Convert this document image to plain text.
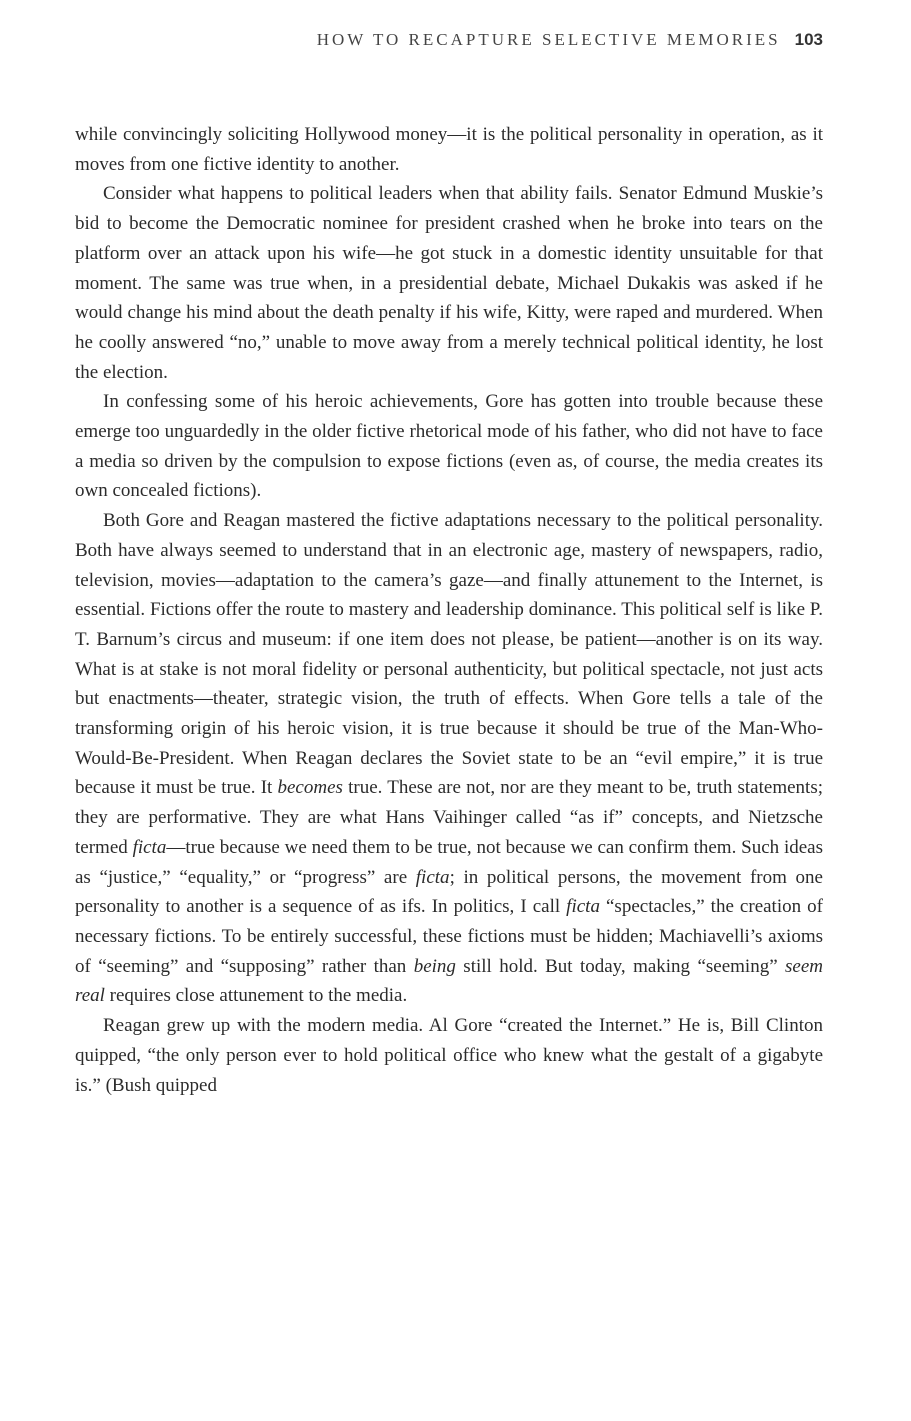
HOW TO RECAPTURE SELECTIVE MEMORIES 103

while convincingly soliciting Hollywood money—it is the political personality in operation, as it moves from one fictive identity to another.

Consider what happens to political leaders when that ability fails. Senator Edmund Muskie’s bid to become the Democratic nominee for president crashed when he broke into tears on the platform over an attack upon his wife—he got stuck in a domestic identity unsuitable for that moment. The same was true when, in a presidential debate, Michael Dukakis was asked if he would change his mind about the death penalty if his wife, Kitty, were raped and murdered. When he coolly answered “no,” unable to move away from a merely technical political identity, he lost the election.

In confessing some of his heroic achievements, Gore has gotten into trouble because these emerge too unguardedly in the older fictive rhetorical mode of his father, who did not have to face a media so driven by the compulsion to expose fictions (even as, of course, the media creates its own concealed fictions).

Both Gore and Reagan mastered the fictive adaptations necessary to the political personality. Both have always seemed to understand that in an electronic age, mastery of newspapers, radio, television, movies—adaptation to the camera’s gaze—and finally attunement to the Internet, is essential. Fictions offer the route to mastery and leadership dominance. This political self is like P. T. Barnum’s circus and museum: if one item does not please, be patient—another is on its way. What is at stake is not moral fidelity or personal authenticity, but political spectacle, not just acts but enactments—theater, strategic vision, the truth of effects. When Gore tells a tale of the transforming origin of his heroic vision, it is true because it should be true of the Man-Who-Would-Be-President. When Reagan declares the Soviet state to be an “evil empire,” it is true because it must be true. It becomes true. These are not, nor are they meant to be, truth statements; they are performative. They are what Hans Vaihinger called “as if” concepts, and Nietzsche termed ficta—true because we need them to be true, not because we can confirm them. Such ideas as “justice,” “equality,” or “progress” are ficta; in political persons, the movement from one personality to another is a sequence of as ifs. In politics, I call ficta “spectacles,” the creation of necessary fictions. To be entirely successful, these fictions must be hidden; Machiavelli’s axioms of “seeming” and “supposing” rather than being still hold. But today, making “seeming” seem real requires close attunement to the media.

Reagan grew up with the modern media. Al Gore “created the Internet.” He is, Bill Clinton quipped, “the only person ever to hold political office who knew what the gestalt of a gigabyte is.” (Bush quipped
